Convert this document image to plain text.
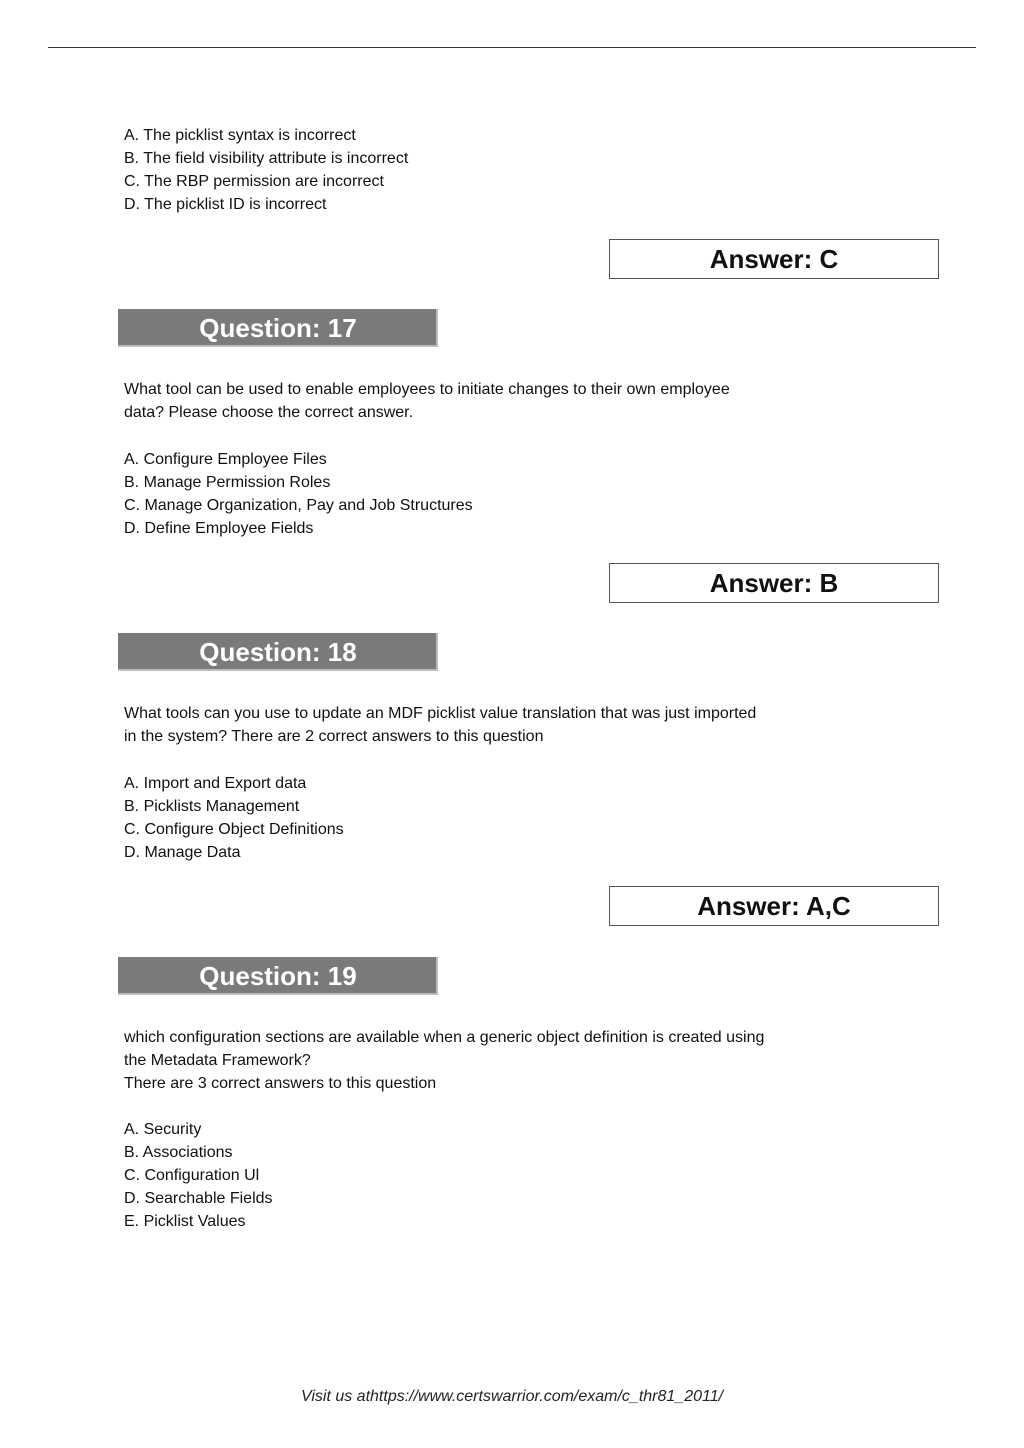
A. The picklist syntax is incorrect
B. The field visibility attribute is incorrect
C. The RBP permission are incorrect
D. The picklist ID is incorrect
Answer: C
Question: 17
What tool can be used to enable employees to initiate changes to their own employee
data? Please choose the correct answer.
A. Configure Employee Files
B. Manage Permission Roles
C. Manage Organization, Pay and Job Structures
D. Define Employee Fields
Answer: B
Question: 18
What tools can you use to update an MDF picklist value translation that was just imported
in the system? There are 2 correct answers to this question
A. Import and Export data
B. Picklists Management
C. Configure Object Definitions
D. Manage Data
Answer: A,C
Question: 19
which configuration sections are available when a generic object definition is created using
the Metadata Framework?
There are 3 correct answers to this question
A. Security
B. Associations
C. Configuration Ul
D. Searchable Fields
E. Picklist Values
Visit us athttps://www.certswarrior.com/exam/c_thr81_2011/
